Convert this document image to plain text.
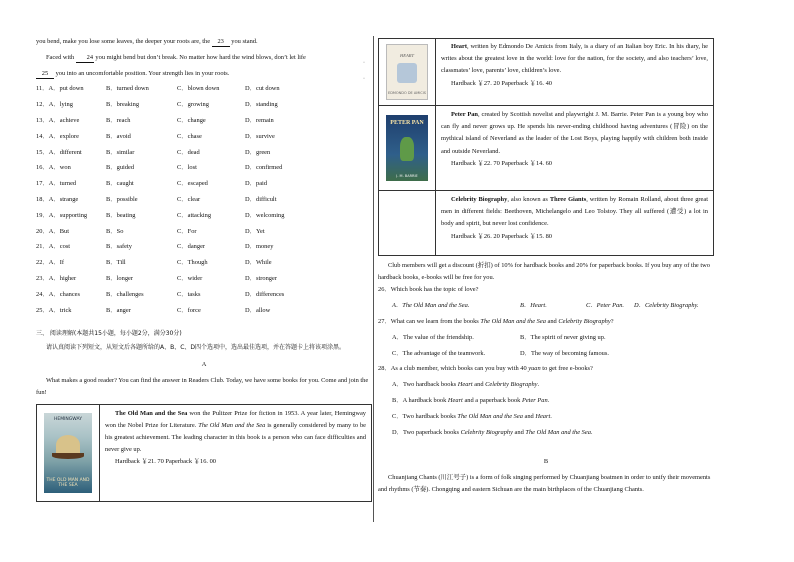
·
·

you bend, make you lose some leaves, the deeper your roots are, the 23 you stand.

Faced with 24 you might bend but don’t break. No matter how hard the wind blows, don’t let life

25 you into an uncomfortable position. Your strength lies in your roots.

11．A．put down	B．turned down	C．blown down	D．cut down
12．A．lying	B．breaking	C．growing	D．standing
13．A．achieve	B．reach	C．change	D．remain
14．A．explore	B．avoid	C．chase	D．survive
15．A．different	B．similar	C．dead	D．green
16．A．won	B．guided	C．lost	D．confirmed
17．A．turned	B．caught	C．escaped	D．paid
18．A．strange	B．possible	C．clear	D．difficult
19．A．supporting	B．beating	C．attacking	D．welcoming
20．A．But	B．So	C．For	D．Yet
21．A．cost	B．safety	C．danger	D．money
22．A．If	B．Till	C．Though	D．While
23．A．higher	B．longer	C．wider	D．stronger
24．A．chances	B．challenges	C．tasks	D．differences
25．A．trick	B．anger	C．force	D．allow

三、 阅读理解(本题共15小题，每小题2分，满分30分)

请认真阅读下列短文，从短文后各题所给的A、B、C、D四个选项中，选出最佳选项，并在答题卡上将该项涂黑。

A

What makes a good reader? You can find the answer in Readers Club. Today, we have some books for you. Come and join the fun!

HEMINGWAY
THE OLD MAN AND THE SEA

The Old Man and the Sea won the Pulitzer Prize for fiction in 1953. A year later, Hemingway won the Nobel Prize for Literature. The Old Man and the Sea is generally considered by many to be his greatest achievement. The leading character in this book is a person who can face difficulties and never give up.

Hardback ￥21. 70 Paperback ￥16. 00

HEART
EDMONDO DE AMICIS

Heart, written by Edmondo De Amicis from Italy, is a diary of an Italian boy Eric. In his diary, he writes about the greatest love in the world: love for the nation, for the society, and also teachers’ love, classmates’ love, parents’ love, children’s love.

Hardback ￥27. 20 Paperback ￥16. 40

PETER PAN
J. M. BARRIE

Peter Pan, created by Scottish novelist and playwright J. M. Barrie. Peter Pan is a young boy who can fly and never grows up. He spends his never-ending childhood having adventures (冒险) on the mythical island of Neverland as the leader of the Lost Boys, playing happily with children both inside and outside Neverland.

Hardback ￥22. 70 Paperback ￥14. 60

Celebrity Biography, also known as Three Giants, written by Romain Rolland, about three great men in different fields: Beethoven, Michelangelo and Leo Tolstoy. They all suffered (遭受) a lot in body and spirit, but never lost confidence.

Hardback ￥26. 20 Paperback ￥15. 80

Club members will get a discount (折扣) of 10% for hardback books and 20% for paperback books. If you buy any of the two hardback books, e-books will be free for you.

26．Which book has the topic of love?

A．The Old Man and the Sea.	B．Heart.	C．Peter Pan.	D．Celebrity Biography.

27．What can we learn from the books The Old Man and the Sea and Celebrity Biography?

A．The value of the friendship.	B．The spirit of never giving up.
C．The advantage of the teamwork.	D．The way of becoming famous.

28．As a club member, which books can you buy with 40 yuan to get free e-books?

A．Two hardback books Heart and Celebrity Biography.

B．A hardback book Heart and a paperback book Peter Pan.

C．Two hardback books The Old Man and the Sea and Heart.

D．Two paperback books Celebrity Biography and The Old Man and the Sea.

B

Chuanjiang Chants (川江号子) is a form of folk singing performed by Chuanjiang boatmen in order to unify their movements and rhythms (节奏). Chongqing and eastern Sichuan are the main birthplaces of the Chuanjiang Chants.
